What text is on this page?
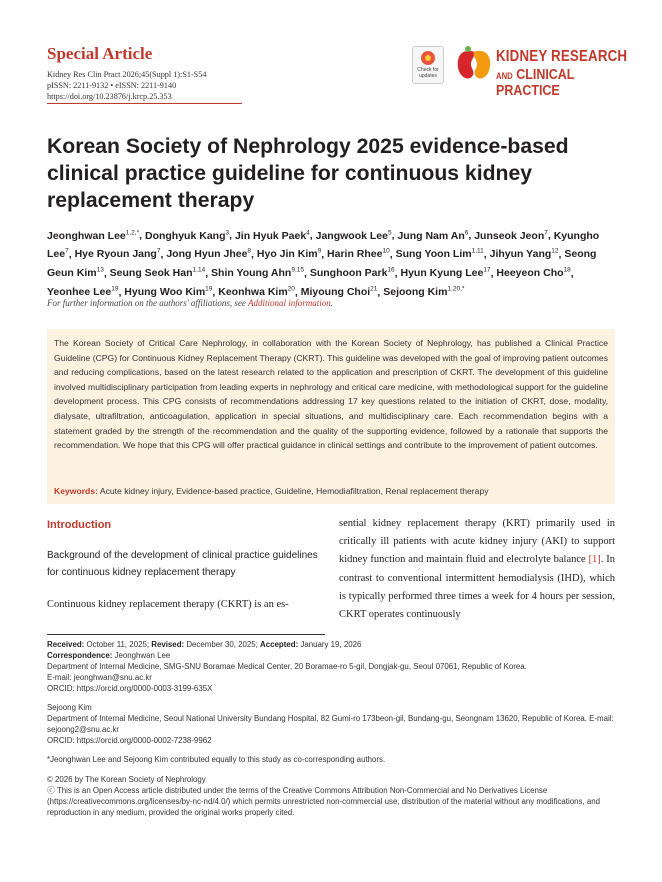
Special Article
Kidney Res Clin Pract 2026;45(Suppl 1):S1-S54
pISSN: 2211-9132 • eISSN: 2211-9140
https://doi.org/10.23876/j.krcp.25.353
Check for updates
KIDNEY RESEARCH
AND CLINICAL PRACTICE
Korean Society of Nephrology 2025 evidence-based clinical practice guideline for continuous kidney replacement therapy
Jeonghwan Lee$^{1,2,*}$, Donghyuk Kang$^3$, Jin Hyuk Paek$^4$, Jangwook Lee$^5$, Jung Nam An$^6$, Junseok Jeon$^7$, Kyungho Lee$^7$, Hye Ryoun Jang$^7$, Jong Hyun Jhee$^8$, Hyo Jin Kim$^9$, Harin Rhee$^{10}$, Sung Yoon Lim$^{1,11}$, Jihyun Yang$^{12}$, Seong Geun Kim$^{13}$, Seung Seok Han$^{1,14}$, Shin Young Ahn$^{9,15}$, Sunghoon Park$^{16}$, Hyun Kyung Lee$^{17}$, Heeyeon Cho$^{18}$, Yeonhee Lee$^{19}$, Hyung Woo Kim$^{19}$, Keonhwa Kim$^{20}$, Miyoung Choi$^{21}$, Sejoong Kim$^{1,20,*}$
For further information on the authors' affiliations, see Additional information.
The Korean Society of Critical Care Nephrology, in collaboration with the Korean Society of Nephrology, has published a Clinical Practice Guideline (CPG) for Continuous Kidney Replacement Therapy (CKRT). This guideline was developed with the goal of improving patient outcomes and reducing complications, based on the latest research related to the application and prescription of CKRT. The development of this guideline involved multidisciplinary participation from leading experts in nephrology and critical care medicine, with methodological support for the guideline development process. This CPG consists of recommendations addressing 17 key questions related to the initiation of CKRT, dose, modality, dialysate, ultrafiltration, anticoagulation, application in special situations, and multidisciplinary care. Each recommendation begins with a statement graded by the strength of the recommendation and the quality of the supporting evidence, followed by a rationale that supports the recommendation. We hope that this CPG will offer practical guidance in clinical settings and contribute to the improvement of patient outcomes.
Keywords: Acute kidney injury, Evidence-based practice, Guideline, Hemodiafiltration, Renal replacement therapy
Introduction
Background of the development of clinical practice guidelines for continuous kidney replacement therapy
Continuous kidney replacement therapy (CKRT) is an es-
sential kidney replacement therapy (KRT) primarily used in critically ill patients with acute kidney injury (AKI) to support kidney function and maintain fluid and electrolyte balance [1]. In contrast to conventional intermittent hemodialysis (IHD), which is typically performed three times a week for 4 hours per session, CKRT operates continuously
Received: October 11, 2025; Revised: December 30, 2025; Accepted: January 19, 2026
Correspondence: Jeonghwan Lee
Department of Internal Medicine, SMG-SNU Boramae Medical Center, 20 Boramae-ro 5-gil, Dongjak-gu, Seoul 07061, Republic of Korea.
E-mail: jeonghwan@snu.ac.kr
ORCID: https://orcid.org/0000-0003-3199-635X
Sejoong Kim
Department of Internal Medicine, Seoul National University Bundang Hospital, 82 Gumi-ro 173beon-gil, Bundang-gu, Seongnam 13620, Republic of Korea. E-mail: sejoong2@snu.ac.kr
ORCID: https://orcid.org/0000-0002-7238-9962
*Jeonghwan Lee and Sejoong Kim contributed equally to this study as co-corresponding authors.
© 2026 by The Korean Society of Nephrology
ⓒ This is an Open Access article distributed under the terms of the Creative Commons Attribution Non-Commercial and No Derivatives License (https://creativecommons.org/licenses/by-nc-nd/4.0/) which permits unrestricted non-commercial use, distribution of the material without any modifications, and reproduction in any medium, provided the original works properly cited.
